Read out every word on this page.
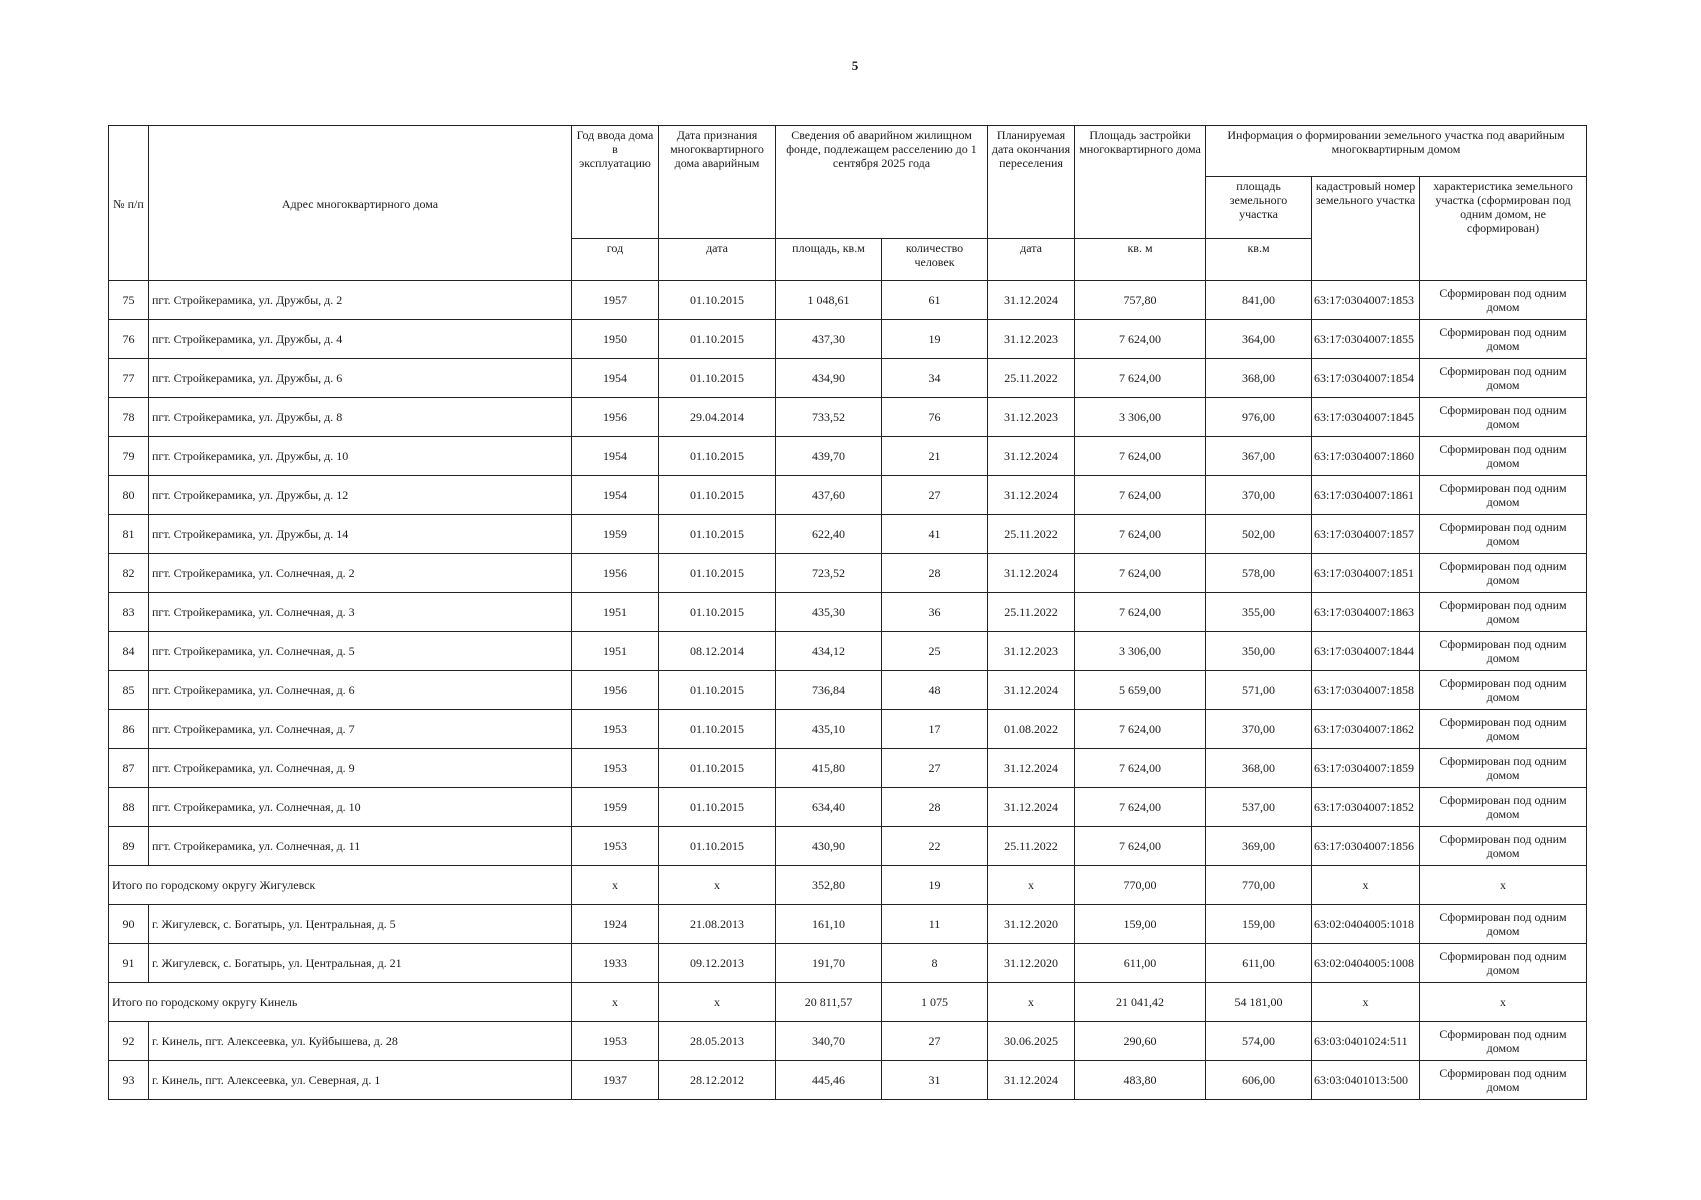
5
№ п/п	Адрес многоквартирного дома	Год ввода дома в эксплуатацию	Дата признания многоквартирного дома аварийным	Сведения об аварийном жилищном фонде, подлежащем расселению до 1 сентября 2025 года		Планируемая дата окончания переселения	Площадь застройки многоквартирного дома	Информация о формировании земельного участка под аварийным многоквартирным домом		
								площадь земельного участка	кадастровый номер земельного участка	характеристика земельного участка (сформирован под одним домом, не сформирован)
		год	дата	площадь, кв.м	количество человек	дата	кв. м	кв.м		
75	пгт. Стройкерамика, ул. Дружбы, д. 2	1957	01.10.2015	1 048,61	61	31.12.2024	757,80	841,00	63:17:0304007:1853	Сформирован под одним домом
76	пгт. Стройкерамика, ул. Дружбы, д. 4	1950	01.10.2015	437,30	19	31.12.2023	7 624,00	364,00	63:17:0304007:1855	Сформирован под одним домом
77	пгт. Стройкерамика, ул. Дружбы, д. 6	1954	01.10.2015	434,90	34	25.11.2022	7 624,00	368,00	63:17:0304007:1854	Сформирован под одним домом
78	пгт. Стройкерамика, ул. Дружбы, д. 8	1956	29.04.2014	733,52	76	31.12.2023	3 306,00	976,00	63:17:0304007:1845	Сформирован под одним домом
79	пгт. Стройкерамика, ул. Дружбы, д. 10	1954	01.10.2015	439,70	21	31.12.2024	7 624,00	367,00	63:17:0304007:1860	Сформирован под одним домом
80	пгт. Стройкерамика, ул. Дружбы, д. 12	1954	01.10.2015	437,60	27	31.12.2024	7 624,00	370,00	63:17:0304007:1861	Сформирован под одним домом
81	пгт. Стройкерамика, ул. Дружбы, д. 14	1959	01.10.2015	622,40	41	25.11.2022	7 624,00	502,00	63:17:0304007:1857	Сформирован под одним домом
82	пгт. Стройкерамика, ул. Солнечная, д. 2	1956	01.10.2015	723,52	28	31.12.2024	7 624,00	578,00	63:17:0304007:1851	Сформирован под одним домом
83	пгт. Стройкерамика, ул. Солнечная, д. 3	1951	01.10.2015	435,30	36	25.11.2022	7 624,00	355,00	63:17:0304007:1863	Сформирован под одним домом
84	пгт. Стройкерамика, ул. Солнечная, д. 5	1951	08.12.2014	434,12	25	31.12.2023	3 306,00	350,00	63:17:0304007:1844	Сформирован под одним домом
85	пгт. Стройкерамика, ул. Солнечная, д. 6	1956	01.10.2015	736,84	48	31.12.2024	5 659,00	571,00	63:17:0304007:1858	Сформирован под одним домом
86	пгт. Стройкерамика, ул. Солнечная, д. 7	1953	01.10.2015	435,10	17	01.08.2022	7 624,00	370,00	63:17:0304007:1862	Сформирован под одним домом
87	пгт. Стройкерамика, ул. Солнечная, д. 9	1953	01.10.2015	415,80	27	31.12.2024	7 624,00	368,00	63:17:0304007:1859	Сформирован под одним домом
88	пгт. Стройкерамика, ул. Солнечная, д. 10	1959	01.10.2015	634,40	28	31.12.2024	7 624,00	537,00	63:17:0304007:1852	Сформирован под одним домом
89	пгт. Стройкерамика, ул. Солнечная, д. 11	1953	01.10.2015	430,90	22	25.11.2022	7 624,00	369,00	63:17:0304007:1856	Сформирован под одним домом
Итого по городскому округу Жигулевск		x	x	352,80	19	x	770,00	770,00	x	x
90	г. Жигулевск, с. Богатырь, ул. Центральная, д. 5	1924	21.08.2013	161,10	11	31.12.2020	159,00	159,00	63:02:0404005:1018	Сформирован под одним домом
91	г. Жигулевск, с. Богатырь, ул. Центральная, д. 21	1933	09.12.2013	191,70	8	31.12.2020	611,00	611,00	63:02:0404005:1008	Сформирован под одним домом
Итого по городскому округу Кинель		x	x	20 811,57	1 075	x	21 041,42	54 181,00	x	x
92	г. Кинель, пгт. Алексеевка, ул. Куйбышева, д. 28	1953	28.05.2013	340,70	27	30.06.2025	290,60	574,00	63:03:0401024:511	Сформирован под одним домом
93	г. Кинель, пгт. Алексеевка, ул. Северная, д. 1	1937	28.12.2012	445,46	31	31.12.2024	483,80	606,00	63:03:0401013:500	Сформирован под одним домом
